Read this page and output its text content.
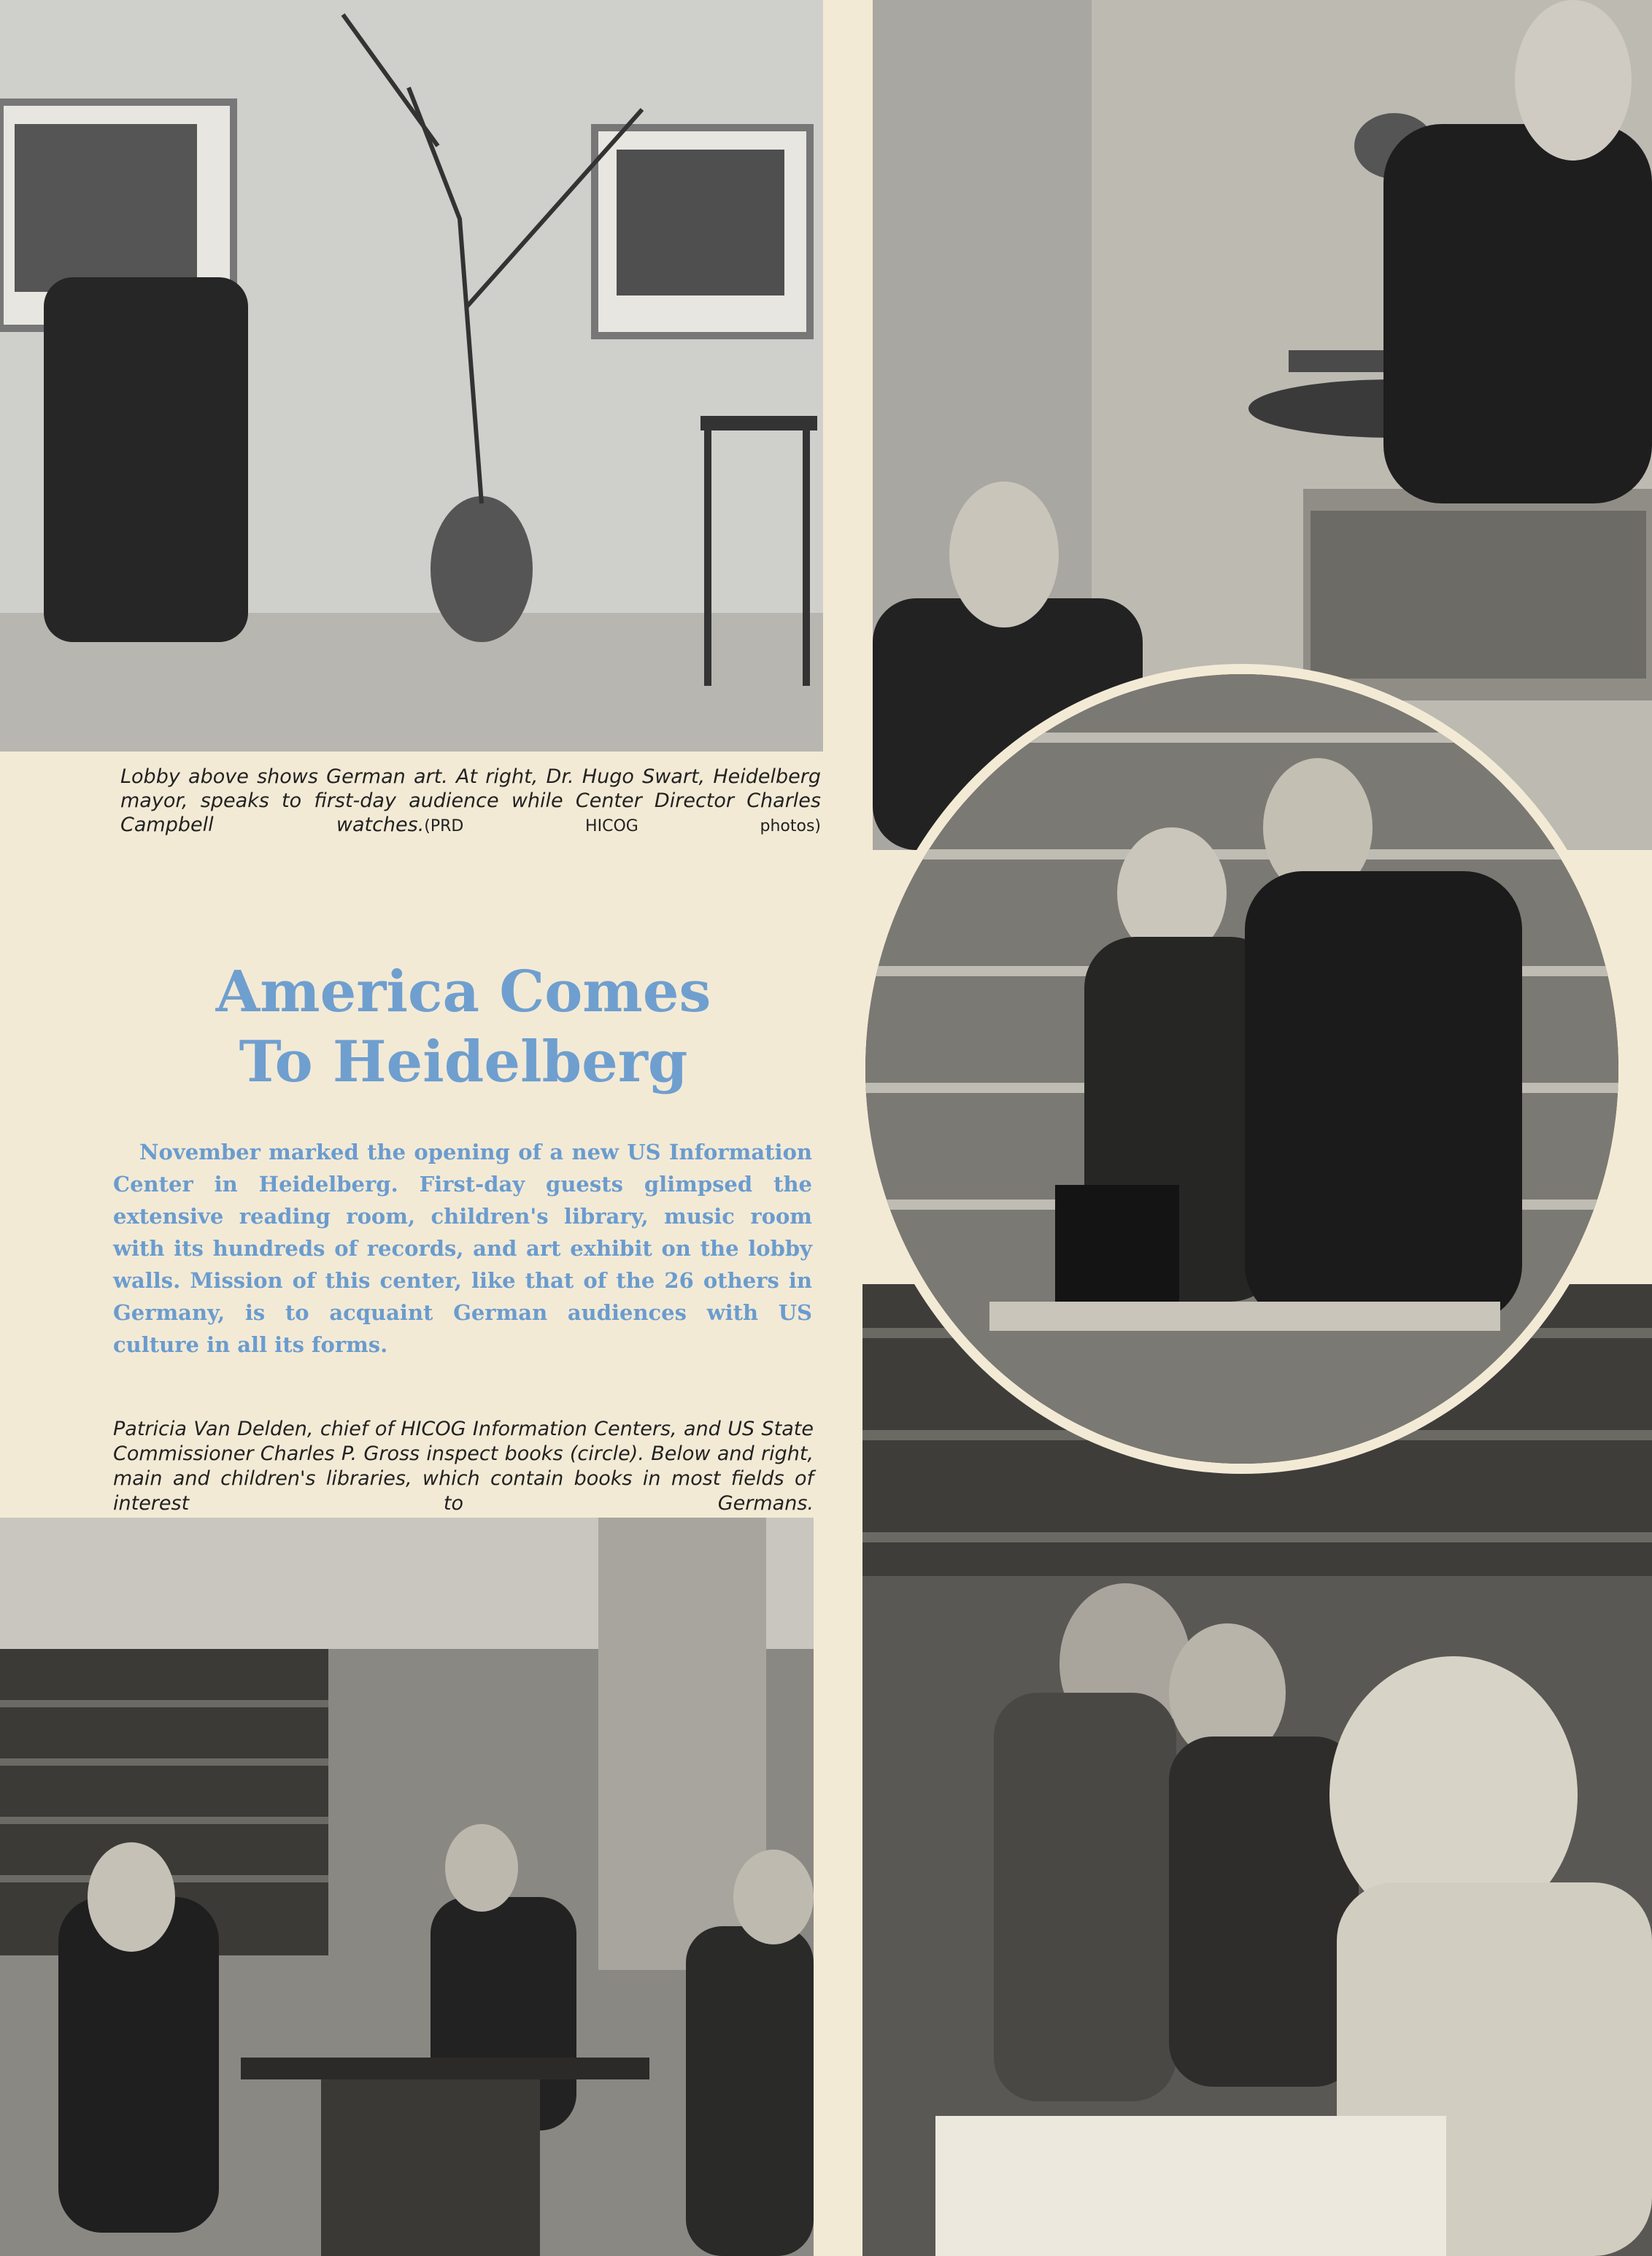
Lobby above shows German art. At right, Dr. Hugo Swart, Heidelberg mayor, speaks to first-day audience while Center Director Charles Campbell watches.(PRD HICOG photos)
America Comes
To Heidelberg

November marked the opening of a new US Information Center in Heidelberg. First-day guests glimpsed the extensive reading room, children's library, music room with its hundreds of records, and art exhibit on the lobby walls. Mission of this center, like that of the 26 others in Germany, is to acquaint German audiences with US culture in all its forms.

Patricia Van Delden, chief of HICOG Information Centers, and US State Commissioner Charles P. Gross inspect books (circle). Below and right, main and children's libraries, which contain books in most fields of interest to Germans.
